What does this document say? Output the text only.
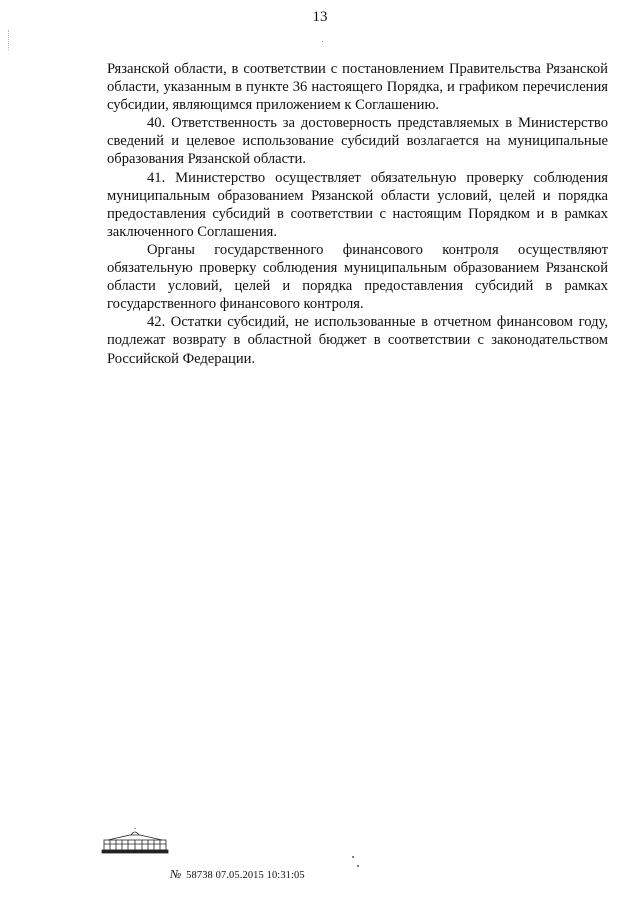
13

Рязанской области, в соответствии с постановлением Правительства Рязанской области, указанным в пункте 36 настоящего Порядка, и графиком перечисления субсидии, являющимся приложением к Соглашению.

40. Ответственность за достоверность представляемых в Министерство сведений и целевое использование субсидий возлагается на муниципальные образования Рязанской области.

41. Министерство осуществляет обязательную проверку соблюдения муниципальным образованием Рязанской области условий, целей и порядка предоставления субсидий в соответствии с настоящим Порядком и в рамках заключенного Соглашения.

Органы государственного финансового контроля осуществляют обязательную проверку соблюдения муниципальным образованием Рязанской области условий, целей и порядка предоставления субсидий в рамках государственного финансового контроля.

42. Остатки субсидий, не использованные в отчетном финансовом году, подлежат возврату в областной бюджет в соответствии с законодательством Российской Федерации.

№ 58738 07.05.2015 10:31:05
